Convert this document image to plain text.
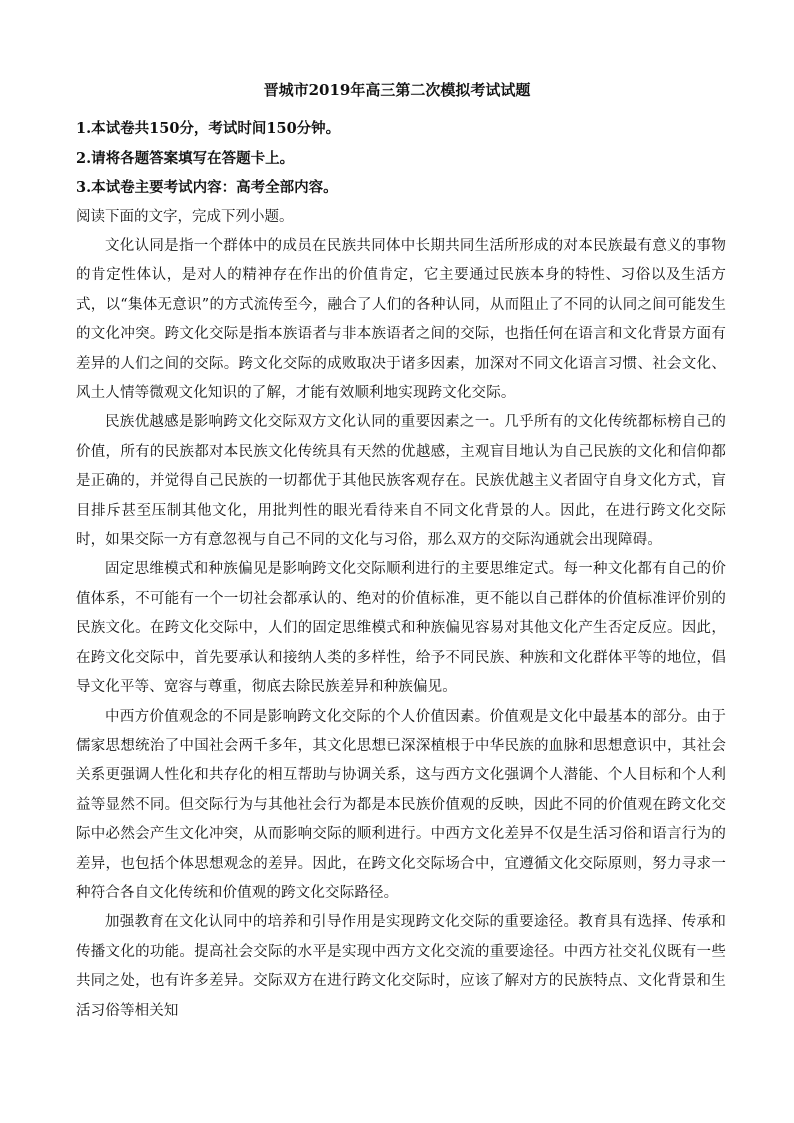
晋城市2019年高三第二次模拟考试试题
1.本试卷共150分，考试时间150分钟。
2.请将各题答案填写在答题卡上。
3.本试卷主要考试内容：高考全部内容。
阅读下面的文字，完成下列小题。

文化认同是指一个群体中的成员在民族共同体中长期共同生活所形成的对本民族最有意义的事物的肯定性体认，是对人的精神存在作出的价值肯定，它主要通过民族本身的特性、习俗以及生活方式，以“集体无意识”的方式流传至今，融合了人们的各种认同，从而阻止了不同的认同之间可能发生的文化冲突。跨文化交际是指本族语者与非本族语者之间的交际，也指任何在语言和文化背景方面有差异的人们之间的交际。跨文化交际的成败取决于诸多因素，加深对不同文化语言习惯、社会文化、风土人情等微观文化知识的了解，才能有效顺利地实现跨文化交际。

民族优越感是影响跨文化交际双方文化认同的重要因素之一。几乎所有的文化传统都标榜自己的价值，所有的民族都对本民族文化传统具有天然的优越感，主观盲目地认为自己民族的文化和信仰都是正确的，并觉得自己民族的一切都优于其他民族客观存在。民族优越主义者固守自身文化方式，盲目排斥甚至压制其他文化，用批判性的眼光看待来自不同文化背景的人。因此，在进行跨文化交际时，如果交际一方有意忽视与自己不同的文化与习俗，那么双方的交际沟通就会出现障碍。

固定思维模式和种族偏见是影响跨文化交际顺利进行的主要思维定式。每一种文化都有自己的价值体系，不可能有一个一切社会都承认的、绝对的价值标准，更不能以自己群体的价值标准评价别的民族文化。在跨文化交际中，人们的固定思维模式和种族偏见容易对其他文化产生否定反应。因此，在跨文化交际中，首先要承认和接纳人类的多样性，给予不同民族、种族和文化群体平等的地位，倡导文化平等、宽容与尊重，彻底去除民族差异和种族偏见。

中西方价值观念的不同是影响跨文化交际的个人价值因素。价值观是文化中最基本的部分。由于儒家思想统治了中国社会两千多年，其文化思想已深深植根于中华民族的血脉和思想意识中，其社会关系更强调人性化和共存化的相互帮助与协调关系，这与西方文化强调个人潜能、个人目标和个人利益等显然不同。但交际行为与其他社会行为都是本民族价值观的反映，因此不同的价值观在跨文化交际中必然会产生文化冲突，从而影响交际的顺利进行。中西方文化差异不仅是生活习俗和语言行为的差异，也包括个体思想观念的差异。因此，在跨文化交际场合中，宜遵循文化交际原则，努力寻求一种符合各自文化传统和价值观的跨文化交际路径。

加强教育在文化认同中的培养和引导作用是实现跨文化交际的重要途径。教育具有选择、传承和传播文化的功能。提高社会交际的水平是实现中西方文化交流的重要途径。中西方社交礼仪既有一些共同之处，也有许多差异。交际双方在进行跨文化交际时，应该了解对方的民族特点、文化背景和生活习俗等相关知
